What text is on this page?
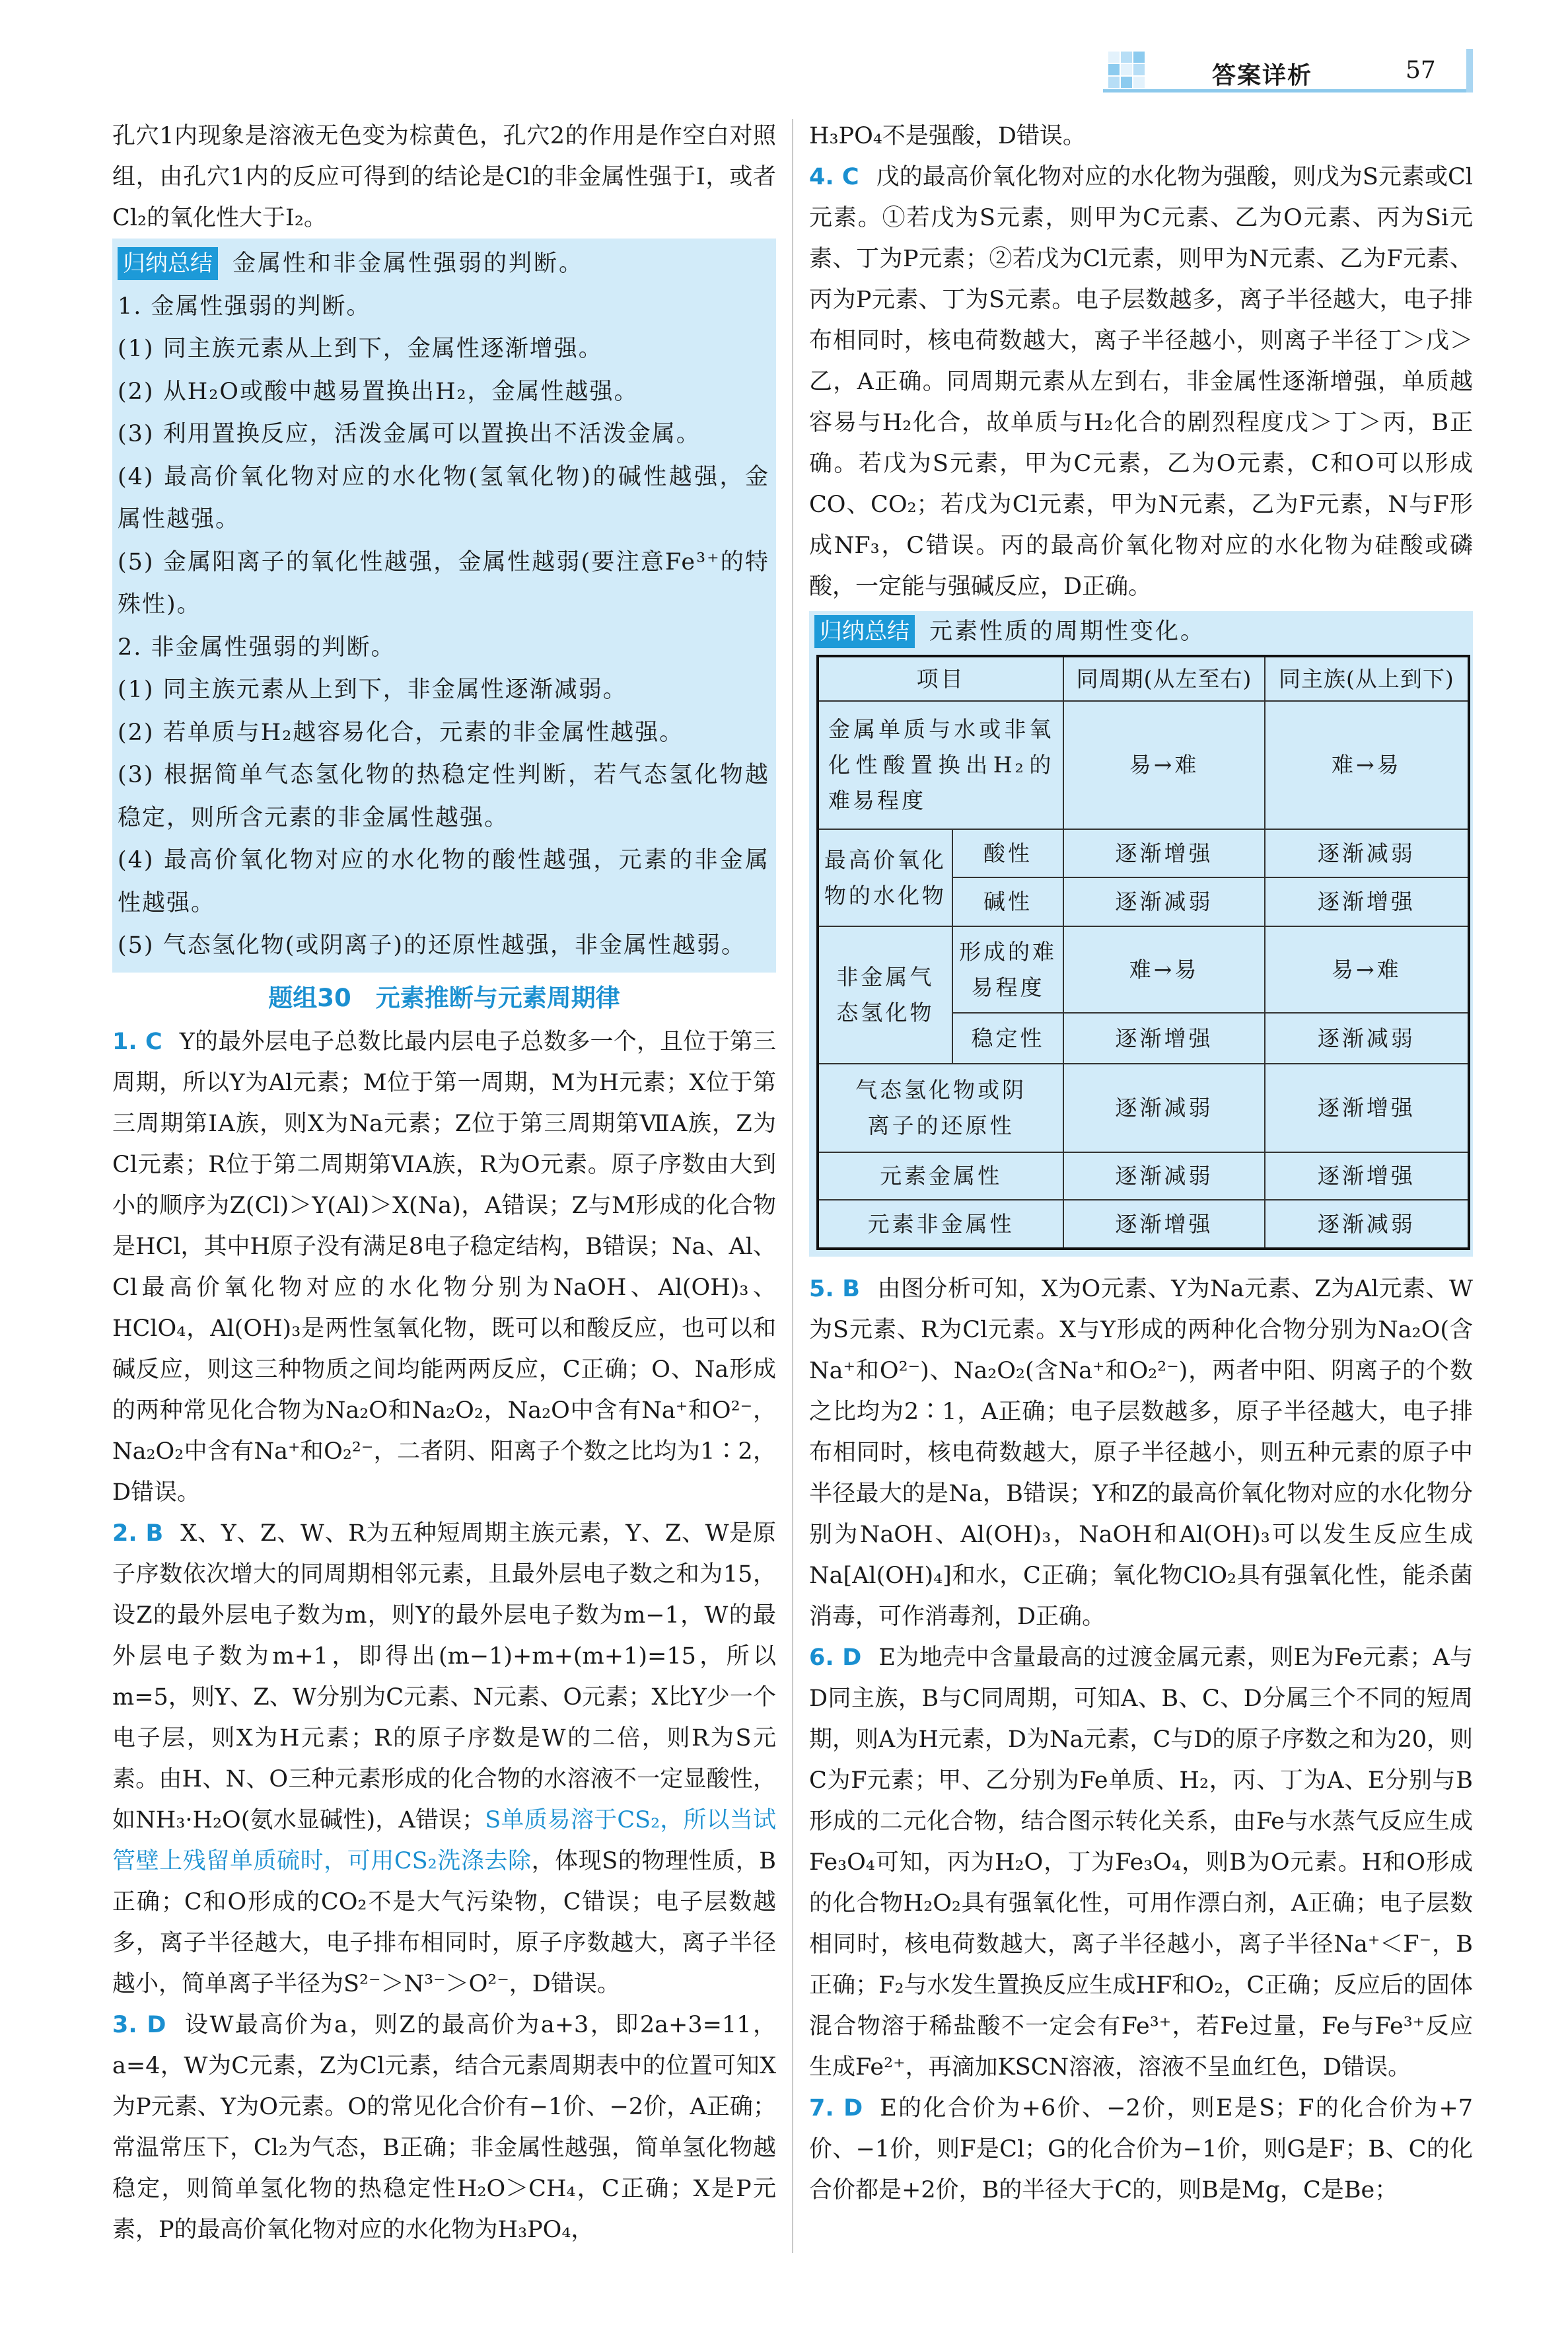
答案详析	57

孔穴1内现象是溶液无色变为棕黄色，孔穴2的作用是作空白对照组，由孔穴1内的反应可得到的结论是Cl的非金属性强于I，或者Cl₂的氧化性大于I₂。

归纳总结 金属性和非金属性强弱的判断。
1. 金属性强弱的判断。
(1) 同主族元素从上到下，金属性逐渐增强。
(2) 从H₂O或酸中越易置换出H₂，金属性越强。
(3) 利用置换反应，活泼金属可以置换出不活泼金属。
(4) 最高价氧化物对应的水化物(氢氧化物)的碱性越强，金属性越强。
(5) 金属阳离子的氧化性越强，金属性越弱(要注意Fe³⁺的特殊性)。
2. 非金属性强弱的判断。
(1) 同主族元素从上到下，非金属性逐渐减弱。
(2) 若单质与H₂越容易化合，元素的非金属性越强。
(3) 根据简单气态氢化物的热稳定性判断，若气态氢化物越稳定，则所含元素的非金属性越强。
(4) 最高价氧化物对应的水化物的酸性越强，元素的非金属性越强。
(5) 气态氢化物(或阴离子)的还原性越强，非金属性越弱。
题组30　元素推断与元素周期律

1. C Y的最外层电子总数比最内层电子总数多一个，且位于第三周期，所以Y为Al元素；M位于第一周期，M为H元素；X位于第三周期第ⅠA族，则X为Na元素；Z位于第三周期第ⅦA族，Z为Cl元素；R位于第二周期第ⅥA族，R为O元素。原子序数由大到小的顺序为Z(Cl)＞Y(Al)＞X(Na)，A错误；Z与M形成的化合物是HCl，其中H原子没有满足8电子稳定结构，B错误；Na、Al、Cl最高价氧化物对应的水化物分别为NaOH、Al(OH)₃、HClO₄，Al(OH)₃是两性氢氧化物，既可以和酸反应，也可以和碱反应，则这三种物质之间均能两两反应，C正确；O、Na形成的两种常见化合物为Na₂O和Na₂O₂，Na₂O中含有Na⁺和O²⁻，Na₂O₂中含有Na⁺和O₂²⁻，二者阴、阳离子个数之比均为1∶2，D错误。

2. B X、Y、Z、W、R为五种短周期主族元素，Y、Z、W是原子序数依次增大的同周期相邻元素，且最外层电子数之和为15，设Z的最外层电子数为m，则Y的最外层电子数为m−1，W的最外层电子数为m+1，即得出(m−1)+m+(m+1)=15，所以m=5，则Y、Z、W分别为C元素、N元素、O元素；X比Y少一个电子层，则X为H元素；R的原子序数是W的二倍，则R为S元素。由H、N、O三种元素形成的化合物的水溶液不一定显酸性，如NH₃·H₂O(氨水显碱性)，A错误；S单质易溶于CS₂，所以当试管壁上残留单质硫时，可用CS₂洗涤去除，体现S的物理性质，B正确；C和O形成的CO₂不是大气污染物，C错误；电子层数越多，离子半径越大，电子排布相同时，原子序数越大，离子半径越小，简单离子半径为S²⁻＞N³⁻＞O²⁻，D错误。

3. D 设W最高价为a，则Z的最高价为a+3，即2a+3=11，a=4，W为C元素，Z为Cl元素，结合元素周期表中的位置可知X为P元素、Y为O元素。O的常见化合价有−1价、−2价，A正确；常温常压下，Cl₂为气态，B正确；非金属性越强，简单氢化物越稳定，则简单氢化物的热稳定性H₂O＞CH₄，C正确；X是P元素，P的最高价氧化物对应的水化物为H₃PO₄，

H₃PO₄不是强酸，D错误。

4. C 戊的最高价氧化物对应的水化物为强酸，则戊为S元素或Cl元素。①若戊为S元素，则甲为C元素、乙为O元素、丙为Si元素、丁为P元素；②若戊为Cl元素，则甲为N元素、乙为F元素、丙为P元素、丁为S元素。电子层数越多，离子半径越大，电子排布相同时，核电荷数越大，离子半径越小，则离子半径丁＞戊＞乙，A正确。同周期元素从左到右，非金属性逐渐增强，单质越容易与H₂化合，故单质与H₂化合的剧烈程度戊＞丁＞丙，B正确。若戊为S元素，甲为C元素，乙为O元素，C和O可以形成CO、CO₂；若戊为Cl元素，甲为N元素，乙为F元素，N与F形成NF₃，C错误。丙的最高价氧化物对应的水化物为硅酸或磷酸，一定能与强碱反应，D正确。

归纳总结 元素性质的周期性变化。
项目		同周期(从左至右)	同主族(从上到下)
金属单质与水或非氧化性酸置换出H₂的难易程度		易→难	难→易
最高价氧化物的水化物	酸性	逐渐增强	逐渐减弱
	碱性	逐渐减弱	逐渐增强
非金属气态氢化物	形成的难易程度	难→易	易→难
	稳定性	逐渐增强	逐渐减弱
气态氢化物或阴离子的还原性		逐渐减弱	逐渐增强
元素金属性		逐渐减弱	逐渐增强
元素非金属性		逐渐增强	逐渐减弱

5. B 由图分析可知，X为O元素、Y为Na元素、Z为Al元素、W为S元素、R为Cl元素。X与Y形成的两种化合物分别为Na₂O(含Na⁺和O²⁻)、Na₂O₂(含Na⁺和O₂²⁻)，两者中阳、阴离子的个数之比均为2∶1，A正确；电子层数越多，原子半径越大，电子排布相同时，核电荷数越大，原子半径越小，则五种元素的原子中半径最大的是Na，B错误；Y和Z的最高价氧化物对应的水化物分别为NaOH、Al(OH)₃，NaOH和Al(OH)₃可以发生反应生成Na[Al(OH)₄]和水，C正确；氧化物ClO₂具有强氧化性，能杀菌消毒，可作消毒剂，D正确。

6. D E为地壳中含量最高的过渡金属元素，则E为Fe元素；A与D同主族，B与C同周期，可知A、B、C、D分属三个不同的短周期，则A为H元素，D为Na元素，C与D的原子序数之和为20，则C为F元素；甲、乙分别为Fe单质、H₂，丙、丁为A、E分别与B形成的二元化合物，结合图示转化关系，由Fe与水蒸气反应生成Fe₃O₄可知，丙为H₂O，丁为Fe₃O₄，则B为O元素。H和O形成的化合物H₂O₂具有强氧化性，可用作漂白剂，A正确；电子层数相同时，核电荷数越大，离子半径越小，离子半径Na⁺＜F⁻，B正确；F₂与水发生置换反应生成HF和O₂，C正确；反应后的固体混合物溶于稀盐酸不一定会有Fe³⁺，若Fe过量，Fe与Fe³⁺反应生成Fe²⁺，再滴加KSCN溶液，溶液不呈血红色，D错误。

7. D E的化合价为+6价、−2价，则E是S；F的化合价为+7价、−1价，则F是Cl；G的化合价为−1价，则G是F；B、C的化合价都是+2价，B的半径大于C的，则B是Mg，C是Be；
